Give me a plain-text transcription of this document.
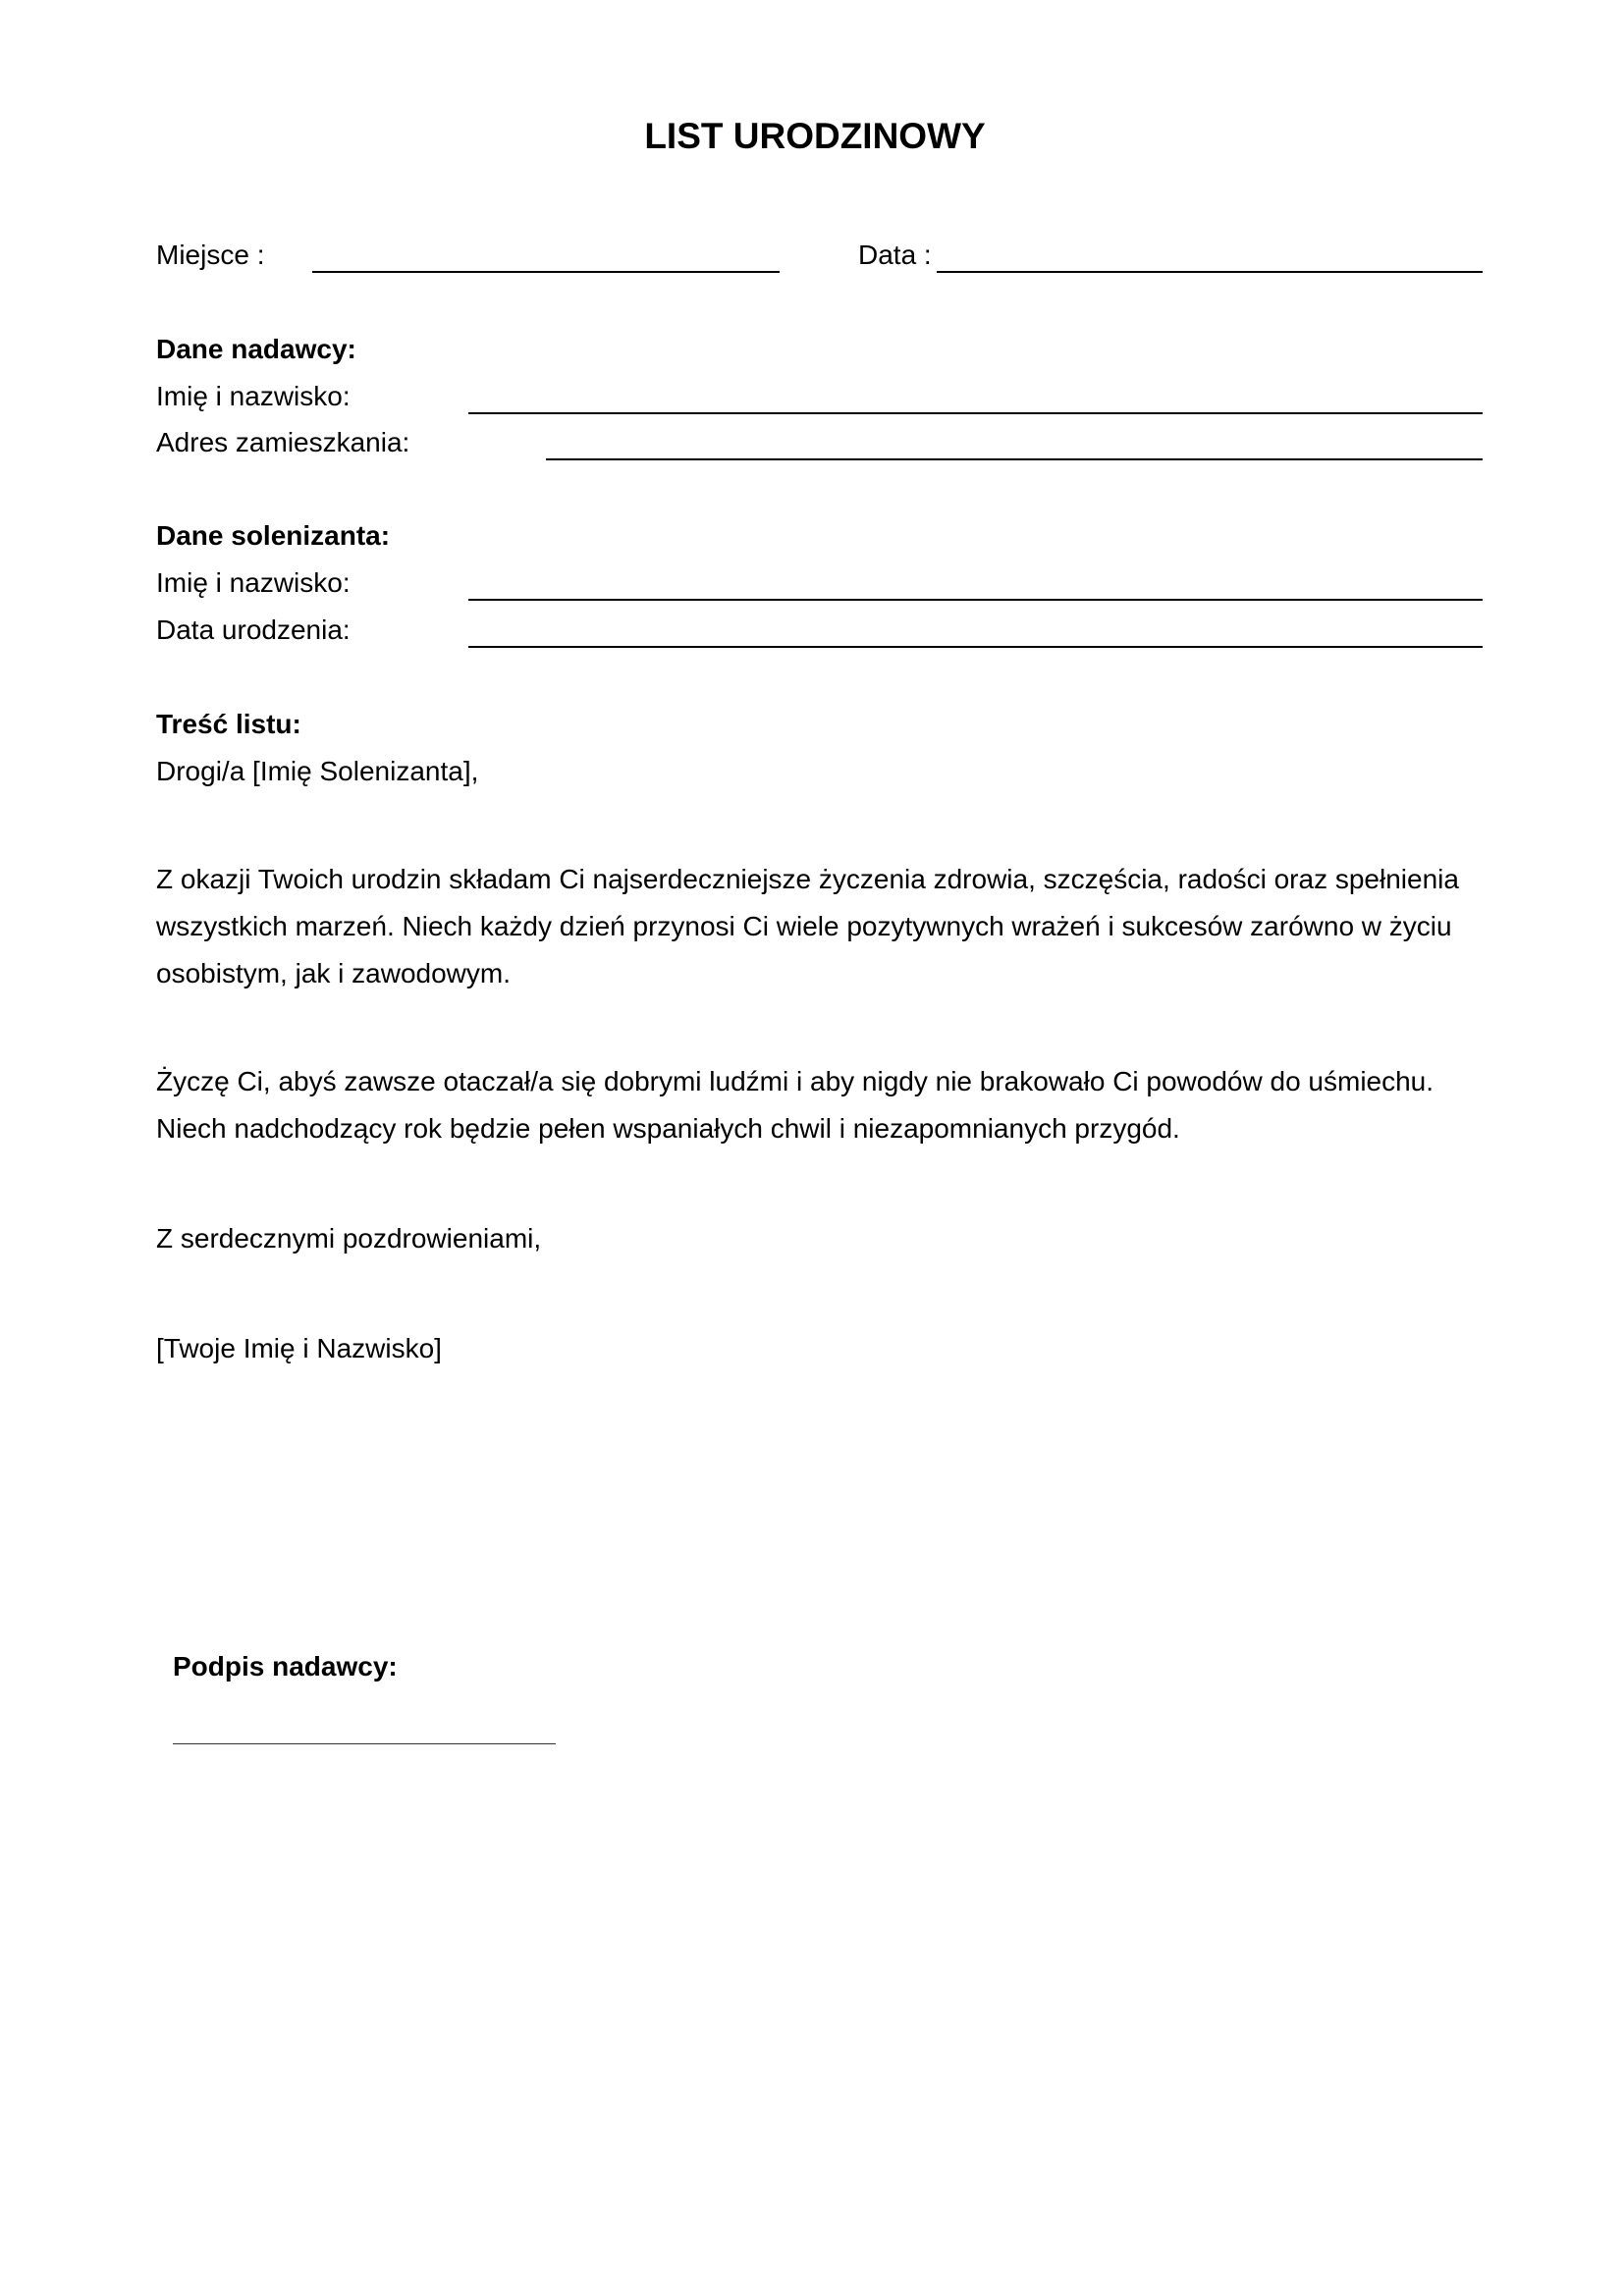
LIST URODZINOWY
Miejsce :	Data :
Dane nadawcy:
Imię i nazwisko:
Adres zamieszkania:
Dane solenizanta:
Imię i nazwisko:
Data urodzenia:
Treść listu:
Drogi/a [Imię Solenizanta],
Z okazji Twoich urodzin składam Ci najserdeczniejsze życzenia zdrowia, szczęścia, radości oraz spełnienia
wszystkich marzeń. Niech każdy dzień przynosi Ci wiele pozytywnych wrażeń i sukcesów zarówno w życiu
osobistym, jak i zawodowym.
Życzę Ci, abyś zawsze otaczał/a się dobrymi ludźmi i aby nigdy nie brakowało Ci powodów do uśmiechu.
Niech nadchodzący rok będzie pełen wspaniałych chwil i niezapomnianych przygód.
Z serdecznymi pozdrowieniami,
[Twoje Imię i Nazwisko]
Podpis nadawcy:
